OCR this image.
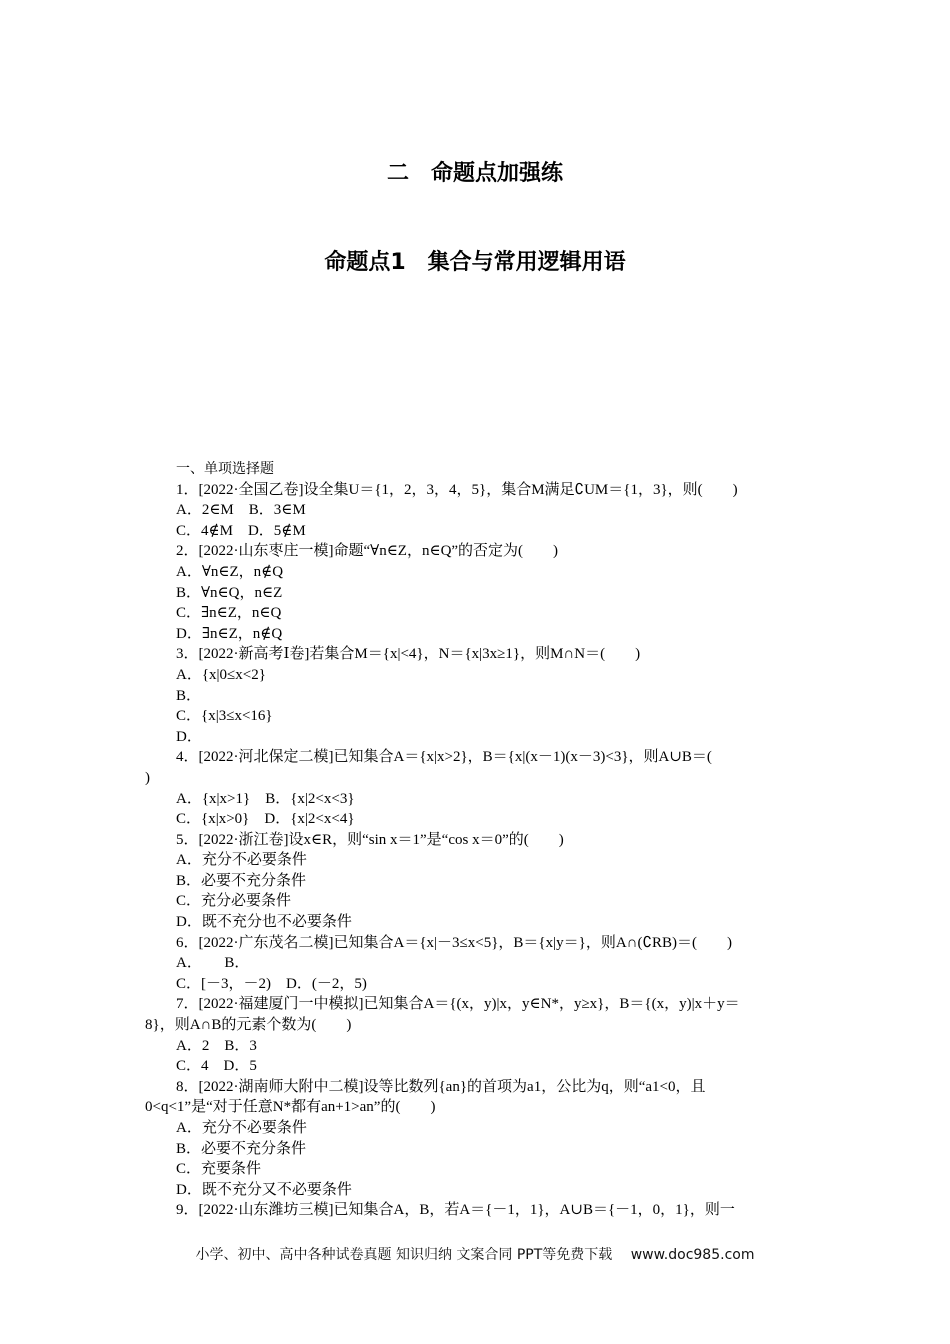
二　命题点加强练
命题点1　集合与常用逻辑用语
一、单项选择题
1．[2022·全国乙卷]设全集U＝{1，2，3，4，5}，集合M满足∁UM＝{1，3}，则(　　)
A．2∈M　B．3∈M
C．4∉M　D．5∉M
2．[2022·山东枣庄一模]命题“∀n∈Z，n∈Q”的否定为(　　)
A．∀n∈Z，n∉Q
B．∀n∈Q，n∈Z
C．∃n∈Z，n∈Q
D．∃n∈Z，n∉Q
3．[2022·新高考Ⅰ卷]若集合M＝{x|<4}，N＝{x|3x≥1}，则M∩N＝(　　)
A．{x|0≤x<2}
B．
C．{x|3≤x<16}
D．
4．[2022·河北保定二模]已知集合A＝{x|x>2}，B＝{x|(x－1)(x－3)<3}，则A∪B＝(
)
A．{x|x>1}　B．{x|2<x<3}
C．{x|x>0}　D．{x|2<x<4}
5．[2022·浙江卷]设x∈R，则“sin x＝1”是“cos x＝0”的(　　)
A．充分不必要条件
B．必要不充分条件
C．充分必要条件
D．既不充分也不必要条件
6．[2022·广东茂名二模]已知集合A＝{x|－3≤x<5}，B＝{x|y＝}，则A∩(∁RB)＝(　　)
A．　　B．
C．[－3，－2)　D．(－2，5)
7．[2022·福建厦门一中模拟]已知集合A＝{(x，y)|x，y∈N*，y≥x}，B＝{(x，y)|x＋y＝
8}，则A∩B的元素个数为(　　)
A．2　B．3
C．4　D．5
8．[2022·湖南师大附中二模]设等比数列{an}的首项为a1，公比为q，则“a1<0，且
0<q<1”是“对于任意N*都有an+1>an”的(　　)
A．充分不必要条件
B．必要不充分条件
C．充要条件
D．既不充分又不必要条件
9．[2022·山东潍坊三模]已知集合A，B，若A＝{－1，1}，A∪B＝{－1，0，1}，则一
小学、初中、高中各种试卷真题 知识归纳 文案合同 PPT等免费下载　 www.doc985.com
